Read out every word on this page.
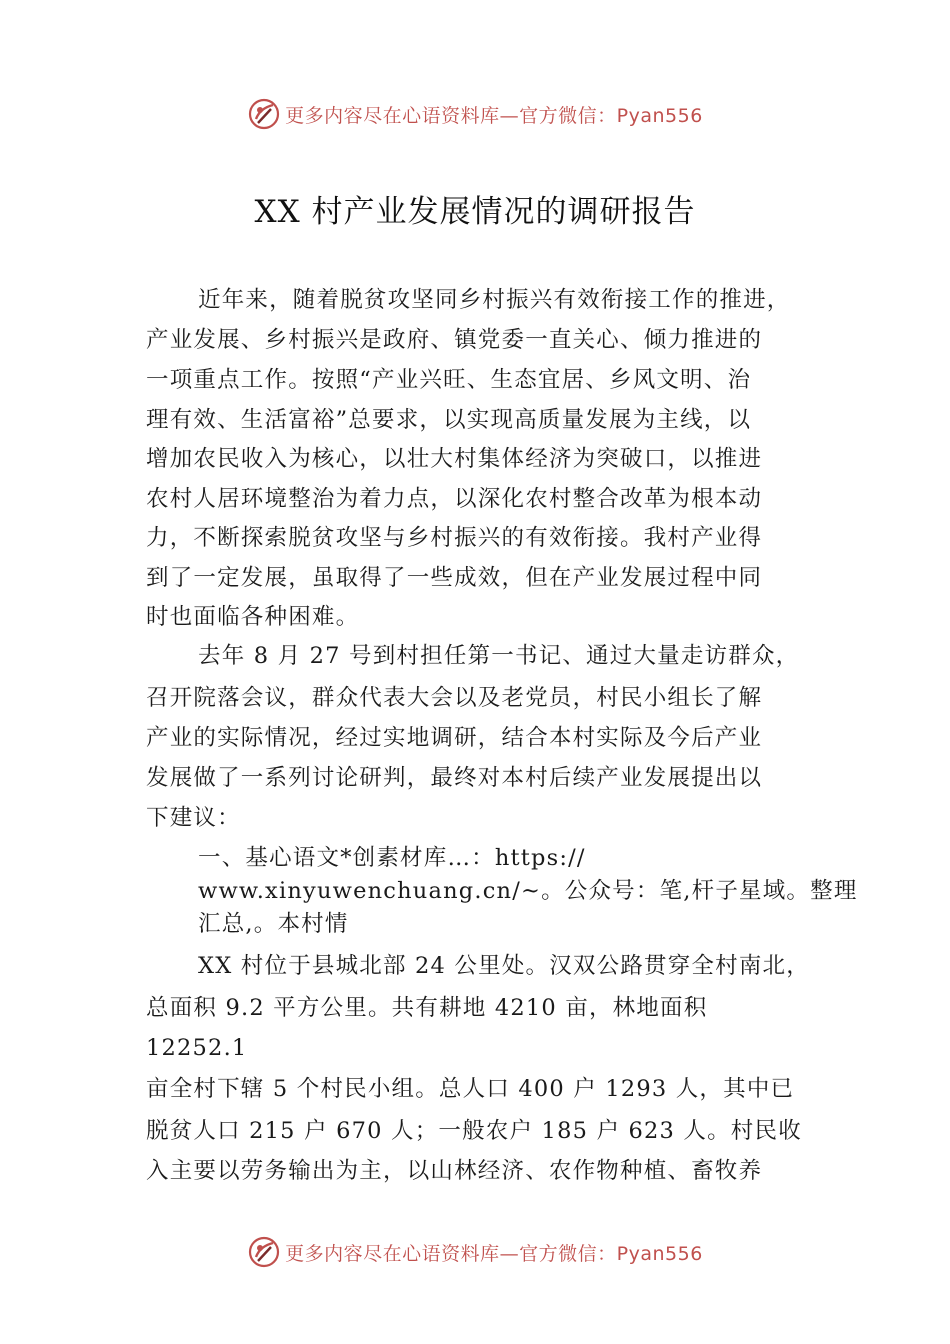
更多内容尽在心语资料库—官方微信：Pyan556
XX 村产业发展情况的调研报告
近年来，随着脱贫攻坚同乡村振兴有效衔接工作的推进，
产业发展、乡村振兴是政府、镇党委一直关心、倾力推进的
一项重点工作。按照“产业兴旺、生态宜居、乡风文明、治
理有效、生活富裕”总要求，以实现高质量发展为主线，以
增加农民收入为核心，以壮大村集体经济为突破口，以推进
农村人居环境整治为着力点，以深化农村整合改革为根本动
力，不断探索脱贫攻坚与乡村振兴的有效衔接。我村产业得
到了一定发展，虽取得了一些成效，但在产业发展过程中同
时也面临各种困难。
去年 8 月 27 号到村担任第一书记、通过大量走访群众，
召开院落会议，群众代表大会以及老党员，村民小组长了解
产业的实际情况，经过实地调研，结合本村实际及今后产业
发展做了一系列讨论研判，最终对本村后续产业发展提出以
下建议：
一、基心语文*创素材库…：https://
www.xinyuwenchuang.cn/~。公众号：笔,杆子星域。整理
汇总,。本村情
XX 村位于县城北部 24 公里处。汉双公路贯穿全村南北，
总面积 9.2 平方公里。共有耕地 4210 亩，林地面积
12252.1
亩全村下辖 5 个村民小组。总人口 400 户 1293 人，其中已
脱贫人口 215 户 670 人；一般农户 185 户 623 人。村民收
入主要以劳务输出为主，以山林经济、农作物种植、畜牧养
更多内容尽在心语资料库—官方微信：Pyan556
